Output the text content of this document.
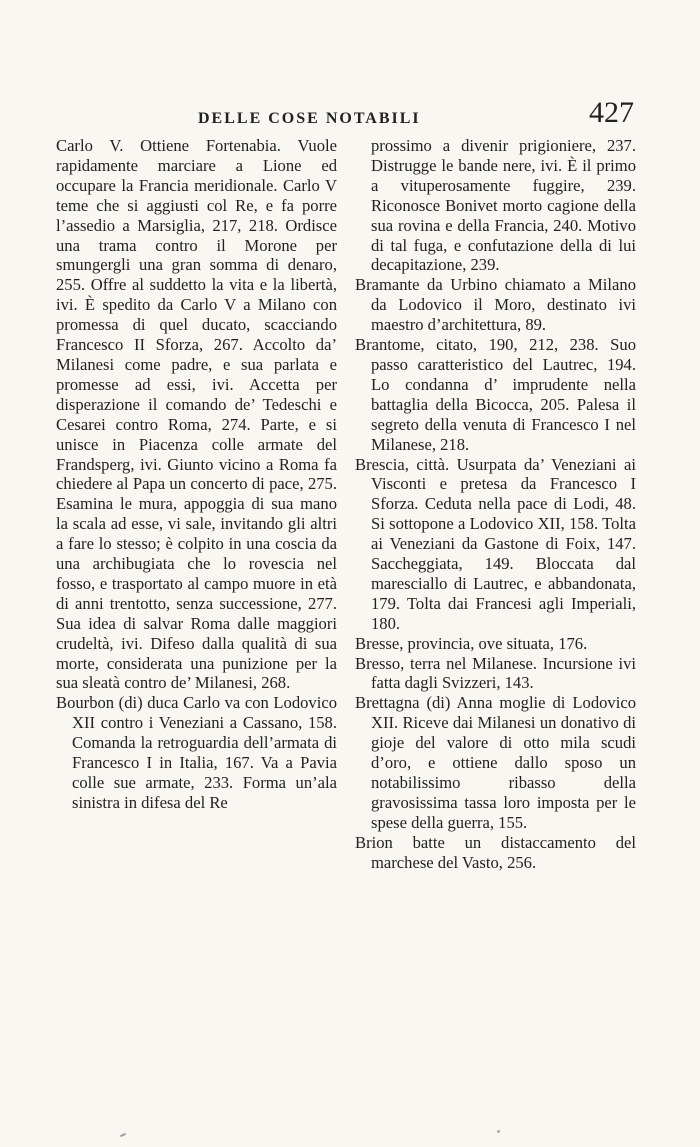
DELLE COSE NOTABILI	427

Carlo V. Ottiene Fortenabia. Vuole rapidamente marciare a Lione ed occupare la Francia meridionale. Carlo V teme che si aggiusti col Re, e fa porre l’assedio a Marsiglia, 217, 218. Ordisce una trama contro il Morone per smungergli una gran somma di denaro, 255. Offre al suddetto la vita e la libertà, ivi. È spedito da Carlo V a Milano con promessa di quel ducato, scacciando Francesco II Sforza, 267. Accolto da’ Milanesi come padre, e sua parlata e promesse ad essi, ivi. Accetta per disperazione il comando de’ Tedeschi e Cesarei contro Roma, 274. Parte, e si unisce in Piacenza colle armate del Frandsperg, ivi. Giunto vicino a Roma fa chiedere al Papa un concerto di pace, 275. Esamina le mura, appoggia di sua mano la scala ad esse, vi sale, invitando gli altri a fare lo stesso; è colpito in una coscia da una archibugiata che lo rovescia nel fosso, e trasportato al campo muore in età di anni trentotto, senza successione, 277. Sua idea di salvar Roma dalle maggiori crudeltà, ivi. Difeso dalla qualità di sua morte, considerata una punizione per la sua sleatà contro de’ Milanesi, 268.

Bourbon (di) duca Carlo va con Lodovico XII contro i Veneziani a Cassano, 158. Comanda la retroguardia dell’armata di Francesco I in Italia, 167. Va a Pavia colle sue armate, 233. Forma un’ala sinistra in difesa del Re

prossimo a divenir prigioniere, 237. Distrugge le bande nere, ivi. È il primo a vituperosamente fuggire, 239. Riconosce Bonivet morto cagione della sua rovina e della Francia, 240. Motivo di tal fuga, e confutazione della di lui decapitazione, 239.

Bramante da Urbino chiamato a Milano da Lodovico il Moro, destinato ivi maestro d’architettura, 89.

Brantome, citato, 190, 212, 238. Suo passo caratteristico del Lautrec, 194. Lo condanna d’ imprudente nella battaglia della Bicocca, 205. Palesa il segreto della venuta di Francesco I nel Milanese, 218.

Brescia, città. Usurpata da’ Veneziani ai Visconti e pretesa da Francesco I Sforza. Ceduta nella pace di Lodi, 48. Si sottopone a Lodovico XII, 158. Tolta ai Veneziani da Gastone di Foix, 147. Saccheggiata, 149. Bloccata dal maresciallo di Lautrec, e abbandonata, 179. Tolta dai Francesi agli Imperiali, 180.

Bresse, provincia, ove situata, 176.

Bresso, terra nel Milanese. Incursione ivi fatta dagli Svizzeri, 143.

Brettagna (di) Anna moglie di Lodovico XII. Riceve dai Milanesi un donativo di gioje del valore di otto mila scudi d’oro, e ottiene dallo sposo un notabilissimo ribasso della gravosissima tassa loro imposta per le spese della guerra, 155.

Brion batte un distaccamento del marchese del Vasto, 256.
